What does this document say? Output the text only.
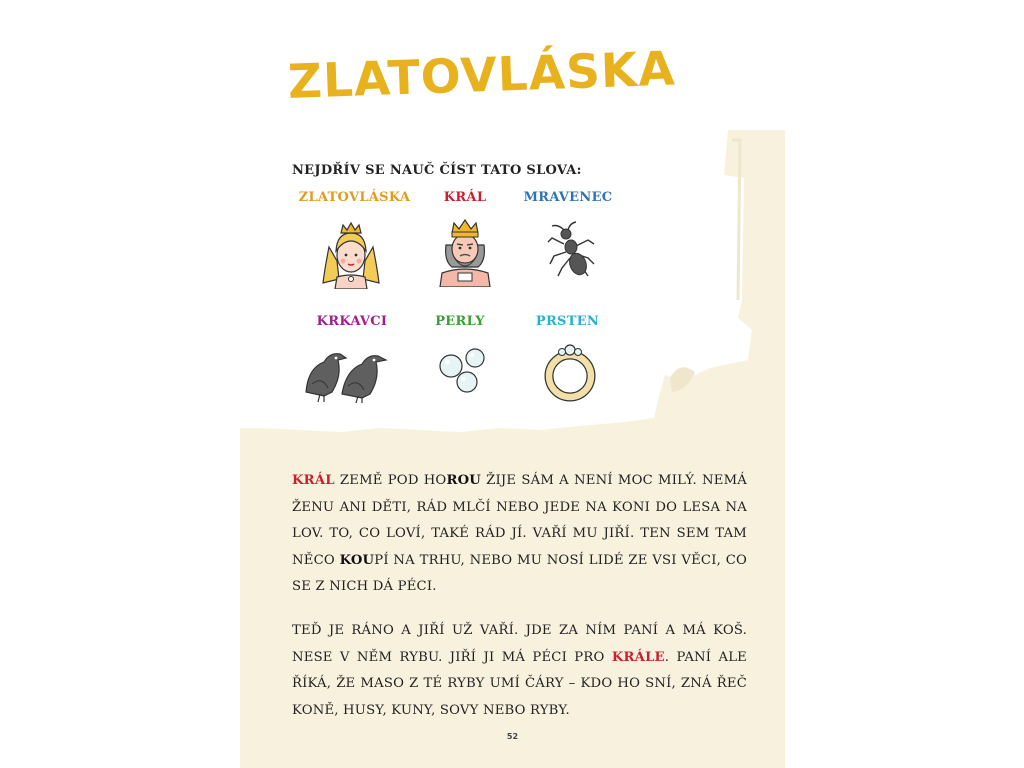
ZLATOVLÁSKA
NEJDŘÍV SE NAUČ ČÍST TATO SLOVA:
ZLATOVLÁSKA	KRÁL	MRAVENEC
KRKAVCI	PERLY	PRSTEN

KRÁL ZEMĚ POD HOROU ŽIJE SÁM A NENÍ MOC MILÝ. NEMÁ ŽENU ANI DĚTI, RÁD MLČÍ NEBO JEDE NA KONI DO LESA NA LOV. TO, CO LOVÍ, TAKÉ RÁD JÍ. VAŘÍ MU JIŘÍ. TEN SEM TAM NĚCO KOUPÍ NA TRHU, NEBO MU NOSÍ LIDÉ ZE VSI VĚCI, CO SE Z NICH DÁ PÉCI.

TEĎ JE RÁNO A JIŘÍ UŽ VAŘÍ. JDE ZA NÍM PANÍ A MÁ KOŠ. NESE V NĚM RYBU. JIŘÍ JI MÁ PÉCI PRO KRÁLE. PANÍ ALE ŘÍKÁ, ŽE MASO Z TÉ RYBY UMÍ ČÁRY – KDO HO SNÍ, ZNÁ ŘEČ KONĚ, HUSY, KUNY, SOVY NEBO RYBY.

52
